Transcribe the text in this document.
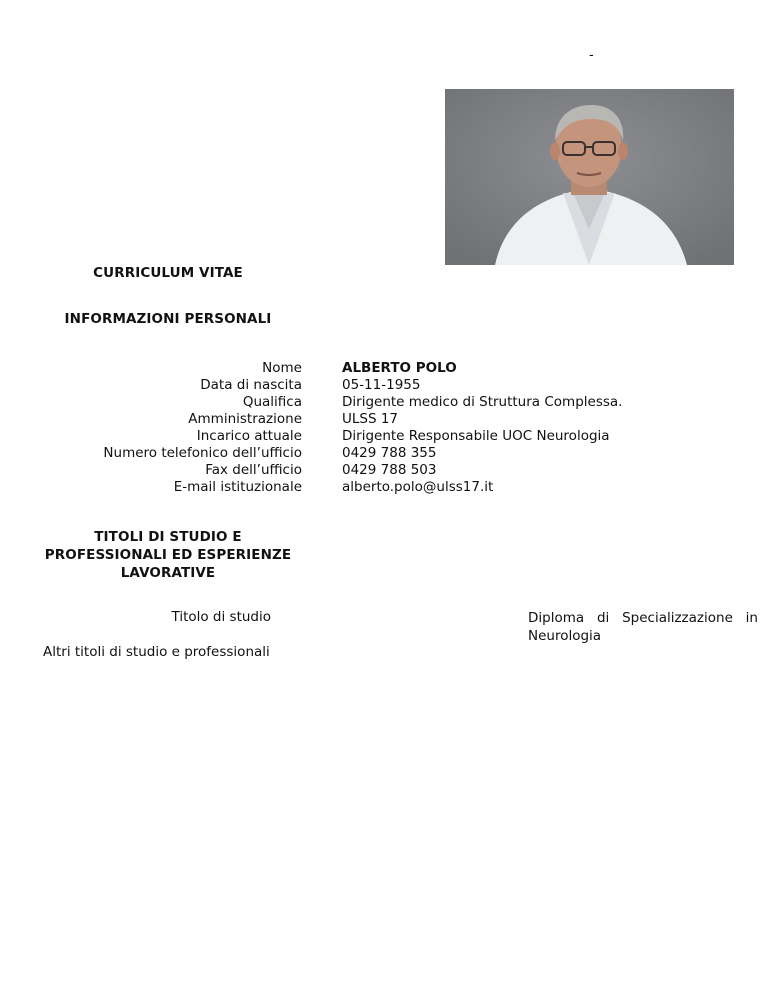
-
CURRICULUM VITAE
INFORMAZIONI PERSONALI
Nome
Data di nascita
Qualifica
Amministrazione
Incarico attuale
Numero telefonico dell’ufficio
Fax dell’ufficio
E-mail istituzionale
ALBERTO POLO
05-11-1955
Dirigente medico di Struttura Complessa.
ULSS 17
Dirigente Responsabile UOC Neurologia
0429 788 355
0429 788 503
alberto.polo@ulss17.it
TITOLI DI STUDIO E
PROFESSIONALI ED ESPERIENZE
LAVORATIVE
Titolo di studio
Altri titoli di studio e professionali
Diploma di Specializzazione in
Neurologia
